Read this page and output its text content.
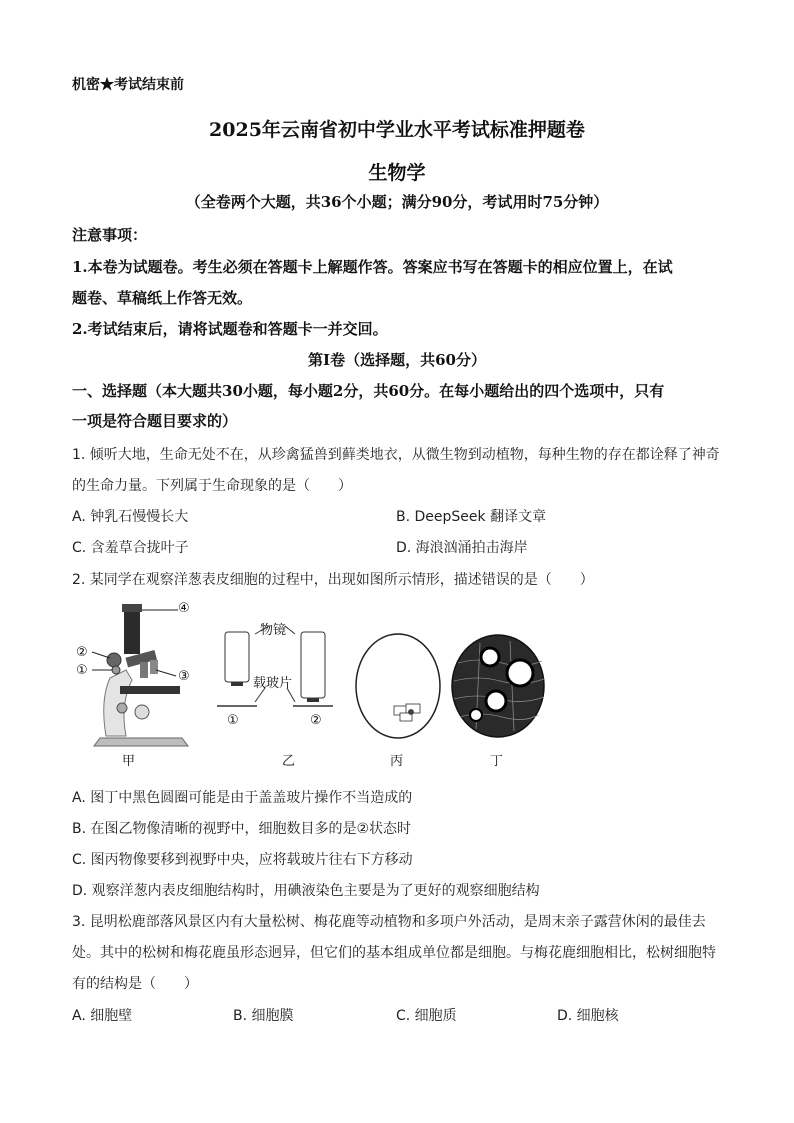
机密★考试结束前
2025年云南省初中学业水平考试标准押题卷
生物学
（全卷两个大题，共36个小题；满分90分，考试用时75分钟）
注意事项：
1.本卷为试题卷。考生必须在答题卡上解题作答。答案应书写在答题卡的相应位置上，在试
题卷、草稿纸上作答无效。
2.考试结束后，请将试题卷和答题卡一并交回。
第Ⅰ卷（选择题，共60分）
一、选择题（本大题共30小题，每小题2分，共60分。在每小题给出的四个选项中，只有
一项是符合题目要求的）
1. 倾听大地，生命无处不在，从珍禽猛兽到藓类地衣，从微生物到动植物，每种生物的存在都诠释了神奇
的生命力量。下列属于生命现象的是（　　）
A. 钟乳石慢慢长大	B. DeepSeek 翻译文章
C. 含羞草合拢叶子	D. 海浪汹涌拍击海岸
2. 某同学在观察洋葱表皮细胞的过程中，出现如图所示情形，描述错误的是（　　）
④
②
①	③
甲
物镜
载玻片
①	②
乙	丙	丁
A. 图丁中黑色圆圈可能是由于盖盖玻片操作不当造成的
B. 在图乙物像清晰的视野中，细胞数目多的是②状态时
C. 图丙物像要移到视野中央，应将载玻片往右下方移动
D. 观察洋葱内表皮细胞结构时，用碘液染色主要是为了更好的观察细胞结构
3. 昆明松鹿部落风景区内有大量松树、梅花鹿等动植物和多项户外活动，是周末亲子露营休闲的最佳去
处。其中的松树和梅花鹿虽形态迥异，但它们的基本组成单位都是细胞。与梅花鹿细胞相比，松树细胞特
有的结构是（　　）
A. 细胞壁	B. 细胞膜	C. 细胞质	D. 细胞核
